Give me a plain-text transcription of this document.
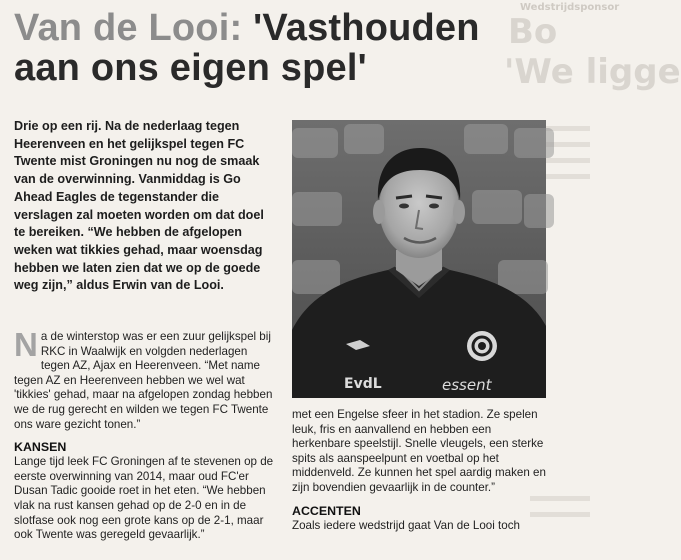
Wedstrijdsponsor
Bo
'We ligge
Van de Looi: 'Vasthouden aan ons eigen spel'

Drie op een rij. Na de nederlaag tegen Heerenveen en het gelijkspel tegen FC Twente mist Groningen nu nog de smaak van de overwinning. Vanmiddag is Go Ahead Eagles de tegenstander die verslagen zal moeten worden om dat doel te bereiken. “We hebben de afgelopen weken wat tikkies gehad, maar woensdag hebben we laten zien dat we op de goede weg zijn,” aldus Erwin van de Looi.

Na de winterstop was er een zuur gelijkspel bij RKC in Waalwijk en volgden nederlagen tegen AZ, Ajax en Heerenveen. “Met name tegen AZ en Heerenveen hebben we wel wat 'tikkies' gehad, maar na afgelopen zondag hebben we de rug gerecht en wilden we tegen FC Twente ons ware gezicht tonen.”

KANSEN

Lange tijd leek FC Groningen af te stevenen op de eerste overwinning van 2014, maar oud FC'er Dusan Tadic gooide roet in het eten. “We hebben vlak na rust kansen gehad op de 2-0 en in de slotfase ook nog een grote kans op de 2-1, maar ook Twente was geregeld gevaarlijk.”

EvdL	essent

met een Engelse sfeer in het stadion. Ze spelen leuk, fris en aanvallend en hebben een herkenbare speelstijl. Snelle vleugels, een sterke spits als aanspeelpunt en voetbal op het middenveld. Ze kunnen het spel aardig maken en zijn bovendien gevaarlijk in de counter.”

ACCENTEN

Zoals iedere wedstrijd gaat Van de Looi toch
